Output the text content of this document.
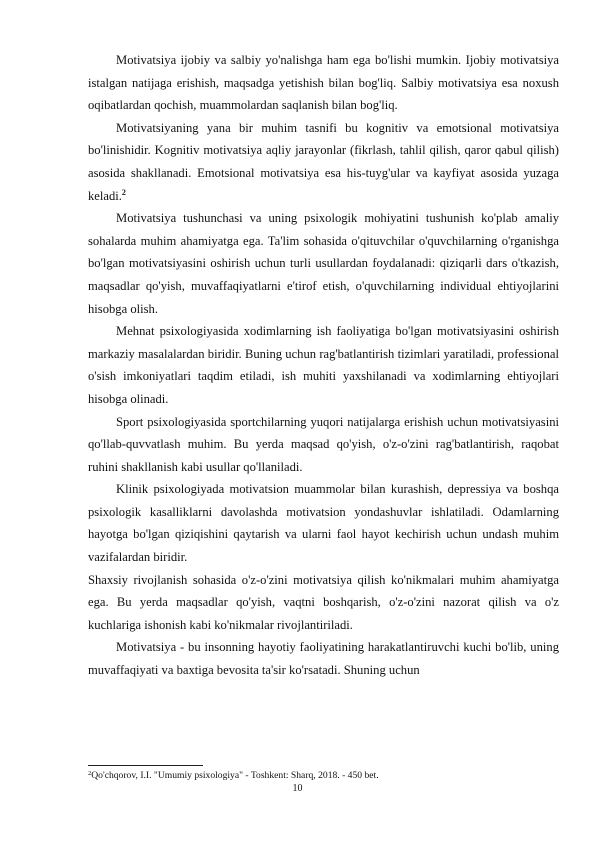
Motivatsiya ijobiy va salbiy yo'nalishga ham ega bo'lishi mumkin. Ijobiy motivatsiya istalgan natijaga erishish, maqsadga yetishish bilan bog'liq. Salbiy motivatsiya esa noxush oqibatlardan qochish, muammolardan saqlanish bilan bog'liq.

Motivatsiyaning yana bir muhim tasnifi bu kognitiv va emotsional motivatsiya bo'linishidir. Kognitiv motivatsiya aqliy jarayonlar (fikrlash, tahlil qilish, qaror qabul qilish) asosida shakllanadi. Emotsional motivatsiya esa his-tuyg'ular va kayfiyat asosida yuzaga keladi.$^2$

Motivatsiya tushunchasi va uning psixologik mohiyatini tushunish ko'plab amaliy sohalarda muhim ahamiyatga ega. Ta'lim sohasida o'qituvchilar o'quvchilarning o'rganishga bo'lgan motivatsiyasini oshirish uchun turli usullardan foydalanadi: qiziqarli dars o'tkazish, maqsadlar qo'yish, muvaffaqiyatlarni e'tirof etish, o'quvchilarning individual ehtiyojlarini hisobga olish.

Mehnat psixologiyasida xodimlarning ish faoliyatiga bo'lgan motivatsiyasini oshirish markaziy masalalardan biridir. Buning uchun rag'batlantirish tizimlari yaratiladi, professional o'sish imkoniyatlari taqdim etiladi, ish muhiti yaxshilanadi va xodimlarning ehtiyojlari hisobga olinadi.

Sport psixologiyasida sportchilarning yuqori natijalarga erishish uchun motivatsiyasini qo'llab-quvvatlash muhim. Bu yerda maqsad qo'yish, o'z-o'zini rag'batlantirish, raqobat ruhini shakllanish kabi usullar qo'llaniladi.

Klinik psixologiyada motivatsion muammolar bilan kurashish, depressiya va boshqa psixologik kasalliklarni davolashda motivatsion yondashuvlar ishlatiladi. Odamlarning hayotga bo'lgan qiziqishini qaytarish va ularni faol hayot kechirish uchun undash muhim vazifalardan biridir.

Shaxsiy rivojlanish sohasida o'z-o'zini motivatsiya qilish ko'nikmalari muhim ahamiyatga ega. Bu yerda maqsadlar qo'yish, vaqtni boshqarish, o'z-o'zini nazorat qilish va o'z kuchlariga ishonish kabi ko'nikmalar rivojlantiriladi.

Motivatsiya - bu insonning hayotiy faoliyatining harakatlantiruvchi kuchi bo'lib, uning muvaffaqiyati va baxtiga bevosita ta'sir ko'rsatadi. Shuning uchun

$^2$Qo'chqorov, I.I. "Umumiy psixologiya" - Toshkent: Sharq, 2018. - 450 bet.
10
